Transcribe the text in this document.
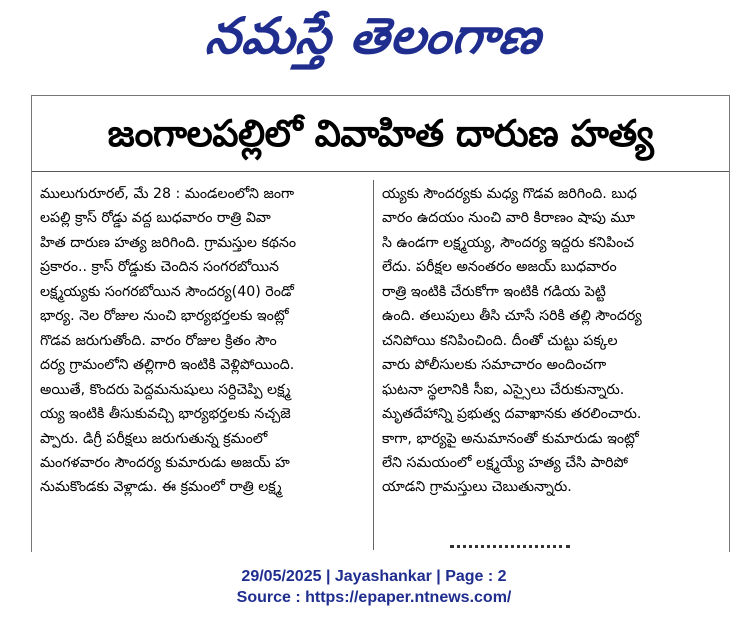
నమస్తే తెలంగాణ
జంగాలపల్లిలో వివాహిత దారుణ హత్య
ములుగురూరల్, మే 28 : మండలంలోని జంగా
లపల్లి క్రాస్ రోడ్డు వద్ద బుధవారం రాత్రి వివా
హిత దారుణ హత్య జరిగింది. గ్రామస్తుల కథనం
ప్రకారం.. క్రాస్ రోడ్డుకు చెందిన సంగరబోయిన
లక్ష్మయ్యకు సంగరబోయిన సౌందర్య(40) రెండో
భార్య. నెల రోజుల నుంచి భార్యభర్తలకు ఇంట్లో
గొడవ జరుగుతోంది. వారం రోజుల క్రితం సౌం
దర్య గ్రామంలోని తల్లిగారి ఇంటికి వెళ్లిపోయింది.
అయితే, కొందరు పెద్దమనుషులు సర్దిచెప్పి లక్ష్మ
య్య ఇంటికి తీసుకువచ్చి భార్యభర్తలకు నచ్చజె
ప్పారు. డిగ్రీ పరీక్షలు జరుగుతున్న క్రమంలో
మంగళవారం సౌందర్య కుమారుడు అజయ్ హ
నుమకొండకు వెళ్లాడు. ఈ క్రమంలో రాత్రి లక్ష్మ
య్యకు సౌందర్యకు మధ్య గొడవ జరిగింది. బుధ
వారం ఉదయం నుంచి వారి కిరాణం షాపు మూ
సి ఉండగా లక్ష్మయ్య, సౌందర్య ఇద్దరు కనిపించ
లేదు. పరీక్షల అనంతరం అజయ్ బుధవారం
రాత్రి ఇంటికి చేరుకోగా ఇంటికి గడియ పెట్టి
ఉంది. తలుపులు తీసి చూసే సరికి తల్లి సౌందర్య
చనిపోయి కనిపించింది. దీంతో చుట్టు పక్కల
వారు పోలీసులకు సమాచారం అందించగా
ఘటనా స్థలానికి సీఐ, ఎస్సైలు చేరుకున్నారు.
మృతదేహాన్ని ప్రభుత్వ దవాఖానకు తరలించారు.
కాగా, భార్యపై అనుమానంతో కుమారుడు ఇంట్లో
లేని సమయంలో లక్ష్మయ్యే హత్య చేసి పారిపో
యాడని గ్రామస్తులు చెబుతున్నారు.
29/05/2025 | Jayashankar | Page : 2
Source : https://epaper.ntnews.com/
